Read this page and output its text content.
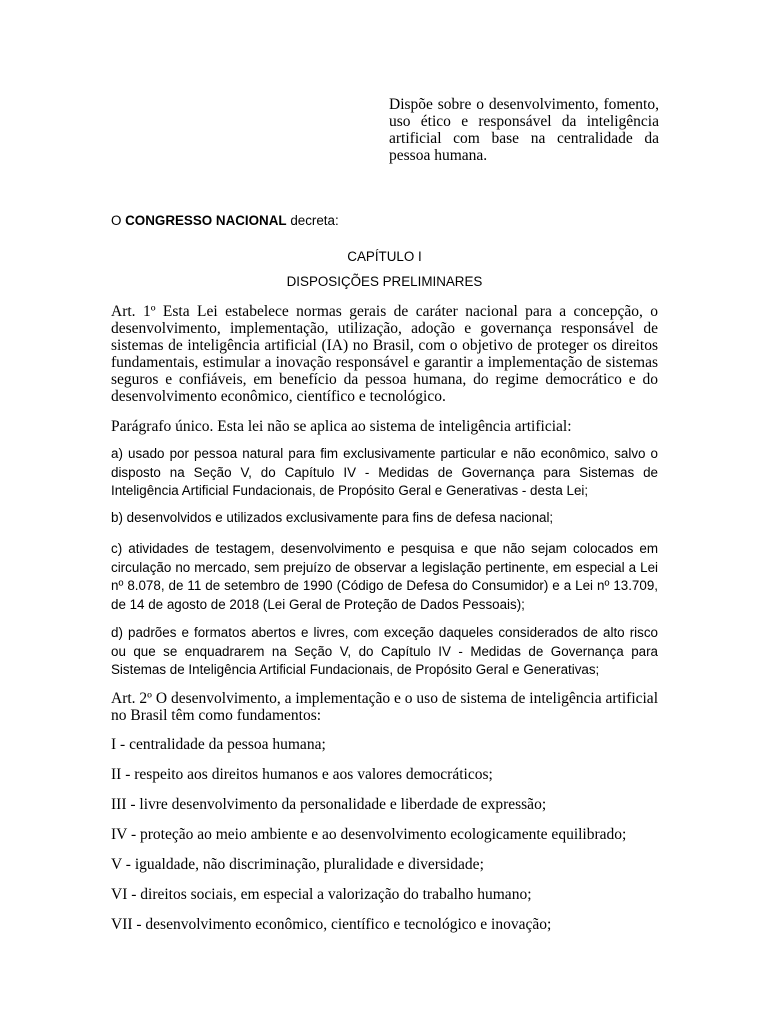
Dispõe sobre o desenvolvimento, fomento, uso ético e responsável da inteligência artificial com base na centralidade da pessoa humana.
O CONGRESSO NACIONAL decreta:
CAPÍTULO I
DISPOSIÇÕES PRELIMINARES
Art. 1º Esta Lei estabelece normas gerais de caráter nacional para a concepção, o desenvolvimento, implementação, utilização, adoção e governança responsável de sistemas de inteligência artificial (IA) no Brasil, com o objetivo de proteger os direitos fundamentais, estimular a inovação responsável e garantir a implementação de sistemas seguros e confiáveis, em benefício da pessoa humana, do regime democrático e do desenvolvimento econômico, científico e tecnológico.
Parágrafo único. Esta lei não se aplica ao sistema de inteligência artificial:
a) usado por pessoa natural para fim exclusivamente particular e não econômico, salvo o disposto na Seção V, do Capítulo IV - Medidas de Governança para Sistemas de Inteligência Artificial Fundacionais, de Propósito Geral e Generativas - desta Lei;
b) desenvolvidos e utilizados exclusivamente para fins de defesa nacional;
c) atividades de testagem, desenvolvimento e pesquisa e que não sejam colocados em circulação no mercado, sem prejuízo de observar a legislação pertinente, em especial a Lei nº 8.078, de 11 de setembro de 1990 (Código de Defesa do Consumidor) e a Lei nº 13.709, de 14 de agosto de 2018 (Lei Geral de Proteção de Dados Pessoais);
d) padrões e formatos abertos e livres, com exceção daqueles considerados de alto risco ou que se enquadrarem na Seção V, do Capítulo IV - Medidas de Governança para Sistemas de Inteligência Artificial Fundacionais, de Propósito Geral e Generativas;
Art. 2º O desenvolvimento, a implementação e o uso de sistema de inteligência artificial no Brasil têm como fundamentos:
I - centralidade da pessoa humana;
II - respeito aos direitos humanos e aos valores democráticos;
III - livre desenvolvimento da personalidade e liberdade de expressão;
IV - proteção ao meio ambiente e ao desenvolvimento ecologicamente equilibrado;
V - igualdade, não discriminação, pluralidade e diversidade;
VI - direitos sociais, em especial a valorização do trabalho humano;
VII - desenvolvimento econômico, científico e tecnológico e inovação;
